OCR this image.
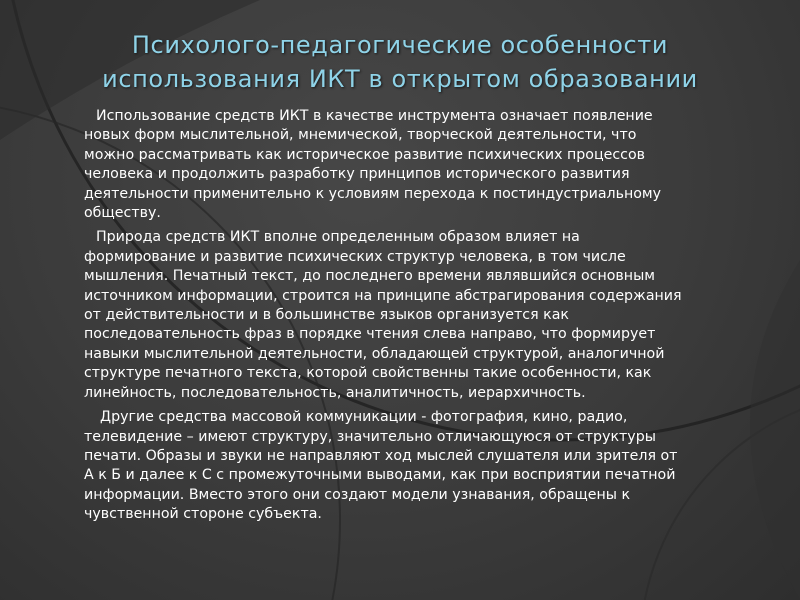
Психолого-педагогические особенности
использования ИКТ в открытом образовании

Использование средств ИКТ в качестве инструмента означает появление новых форм мыслительной, мнемической, творческой деятельности, что можно рассматривать как историческое развитие психических процессов человека и продолжить разработку принципов исторического развития деятельности применительно к условиям перехода к постиндустриальному обществу.

Природа средств ИКТ вполне определенным образом влияет на формирование и развитие психических структур человека, в том числе мышления. Печатный текст, до последнего времени являвшийся основным источником информации, строится на принципе абстрагирования содержания от действительности и в большинстве языков организуется как последовательность фраз в порядке чтения слева направо, что формирует навыки мыслительной деятельности, обладающей структурой, аналогичной структуре печатного текста, которой свойственны такие особенности, как линейность, последовательность, аналитичность, иерархичность.

Другие средства массовой коммуникации - фотография, кино, радио, телевидение – имеют структуру, значительно отличающуюся от структуры печати. Образы и звуки не направляют ход мыслей слушателя или зрителя от А к Б и далее к С с промежуточными выводами, как при восприятии печатной информации. Вместо этого они создают модели узнавания, обращены к чувственной стороне субъекта.
